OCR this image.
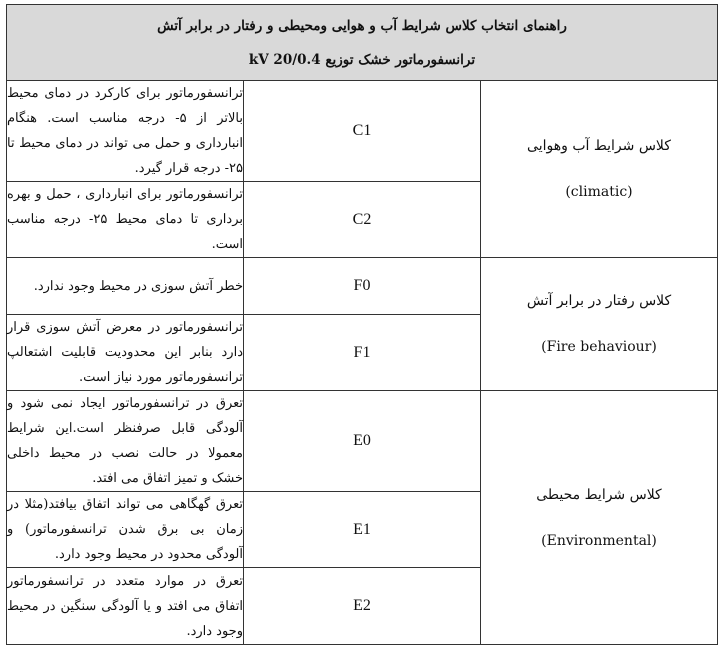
راهنمای انتخاب کلاس شرایط آب و هوایی ومحیطی و رفتار در برابر آتش
ترانسفورماتور خشک توزیع 20/0.4 kV		

کلاس شرایط آب وهوایی
(climatic)	C1	ترانسفورماتور برای کارکرد در دمای محیط بالاتر از ۵- درجه مناسب است. هنگام انبارداری و حمل می تواند در دمای محیط تا ۲۵- درجه قرار گیرد.
	C2	ترانسفورماتور برای انبارداری ، حمل و بهره برداری تا دمای محیط ۲۵- درجه مناسب است.

کلاس رفتار در برابر آتش
(Fire behaviour)	F0	خطر آتش سوزی در محیط وجود ندارد.
	F1	ترانسفورماتور در معرض آتش سوزی قرار دارد بنابر این محدودیت قابلیت اشتعالپ ترانسفورماتور مورد نیاز است.

کلاس شرایط محیطی
(Environmental)	E0	تعرق در ترانسفورماتور ایجاد نمی شود و آلودگی قابل صرفنظر است.این شرایط معمولا در حالت نصب در محیط داخلی خشک و تمیز اتفاق می افتد.
	E1	تعرق گهگاهی می تواند اتفاق بیافتد(مثلا در زمان بی برق شدن ترانسفورماتور) و آلودگی محدود در محیط وجود دارد.
	E2	تعرق در موارد متعدد در ترانسفورماتور اتفاق می افتد و یا آلودگی سنگین در محیط وجود دارد.
